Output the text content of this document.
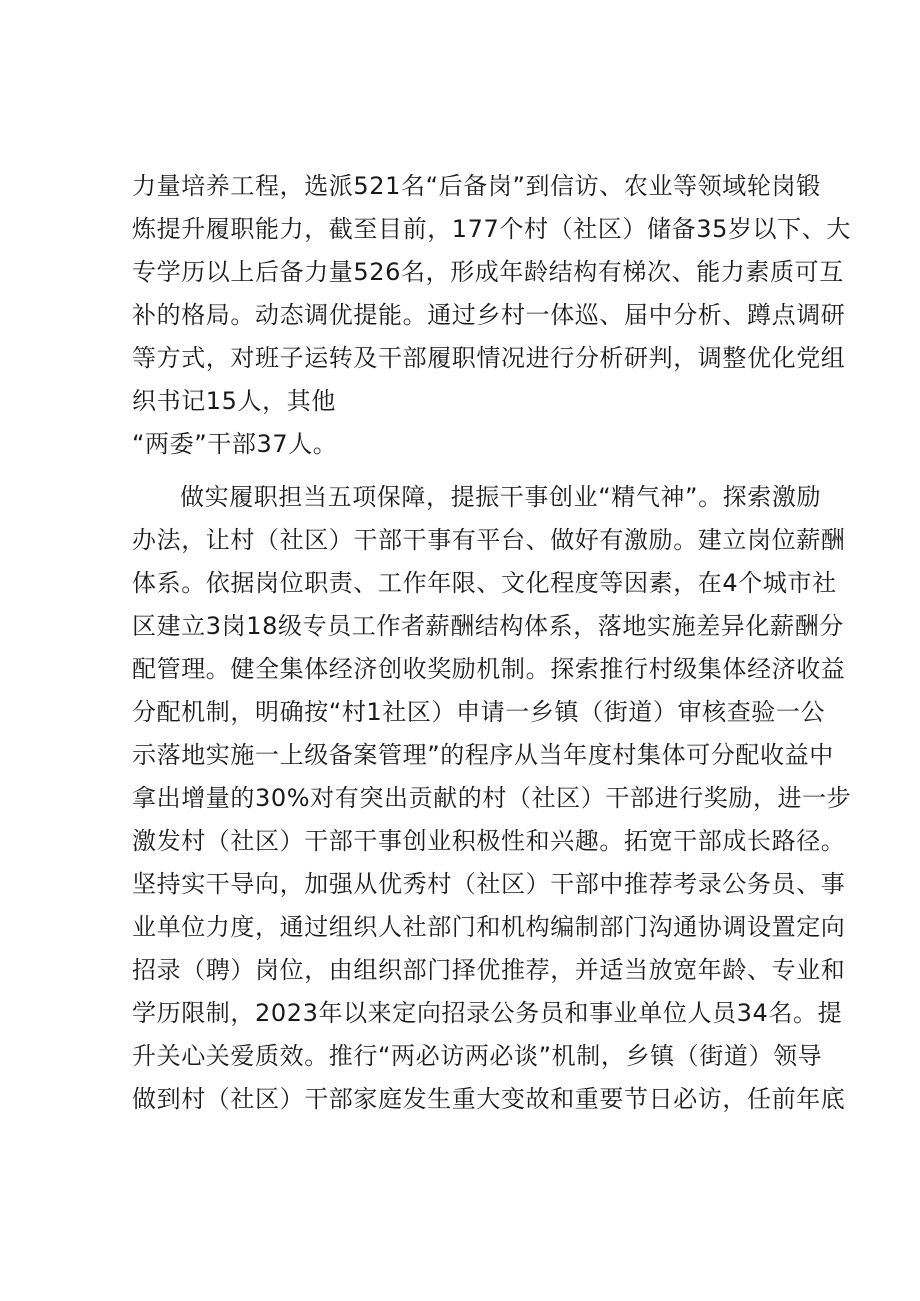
力量培养工程，选派521名“后备岗”到信访、农业等领域轮岗锻
炼提升履职能力，截至目前，177个村（社区）储备35岁以下、大
专学历以上后备力量526名，形成年龄结构有梯次、能力素质可互
补的格局。动态调优提能。通过乡村一体巡、届中分析、蹲点调研
等方式，对班子运转及干部履职情况进行分析研判，调整优化党组
织书记15人，其他
“两委”干部37人。
做实履职担当五项保障，提振干事创业“精气神”。探索激励
办法，让村（社区）干部干事有平台、做好有激励。建立岗位薪酬
体系。依据岗位职责、工作年限、文化程度等因素，在4个城市社
区建立3岗18级专员工作者薪酬结构体系，落地实施差异化薪酬分
配管理。健全集体经济创收奖励机制。探索推行村级集体经济收益
分配机制，明确按“村1社区）申请一乡镇（街道）审核查验一公
示落地实施一上级备案管理”的程序从当年度村集体可分配收益中
拿出增量的30%对有突出贡献的村（社区）干部进行奖励，进一步
激发村（社区）干部干事创业积极性和兴趣。拓宽干部成长路径。
坚持实干导向，加强从优秀村（社区）干部中推荐考录公务员、事
业单位力度，通过组织人社部门和机构编制部门沟通协调设置定向
招录（聘）岗位，由组织部门择优推荐，并适当放宽年龄、专业和
学历限制，2023年以来定向招录公务员和事业单位人员34名。提
升关心关爱质效。推行“两必访两必谈”机制，乡镇（街道）领导
做到村（社区）干部家庭发生重大变故和重要节日必访，任前年底
